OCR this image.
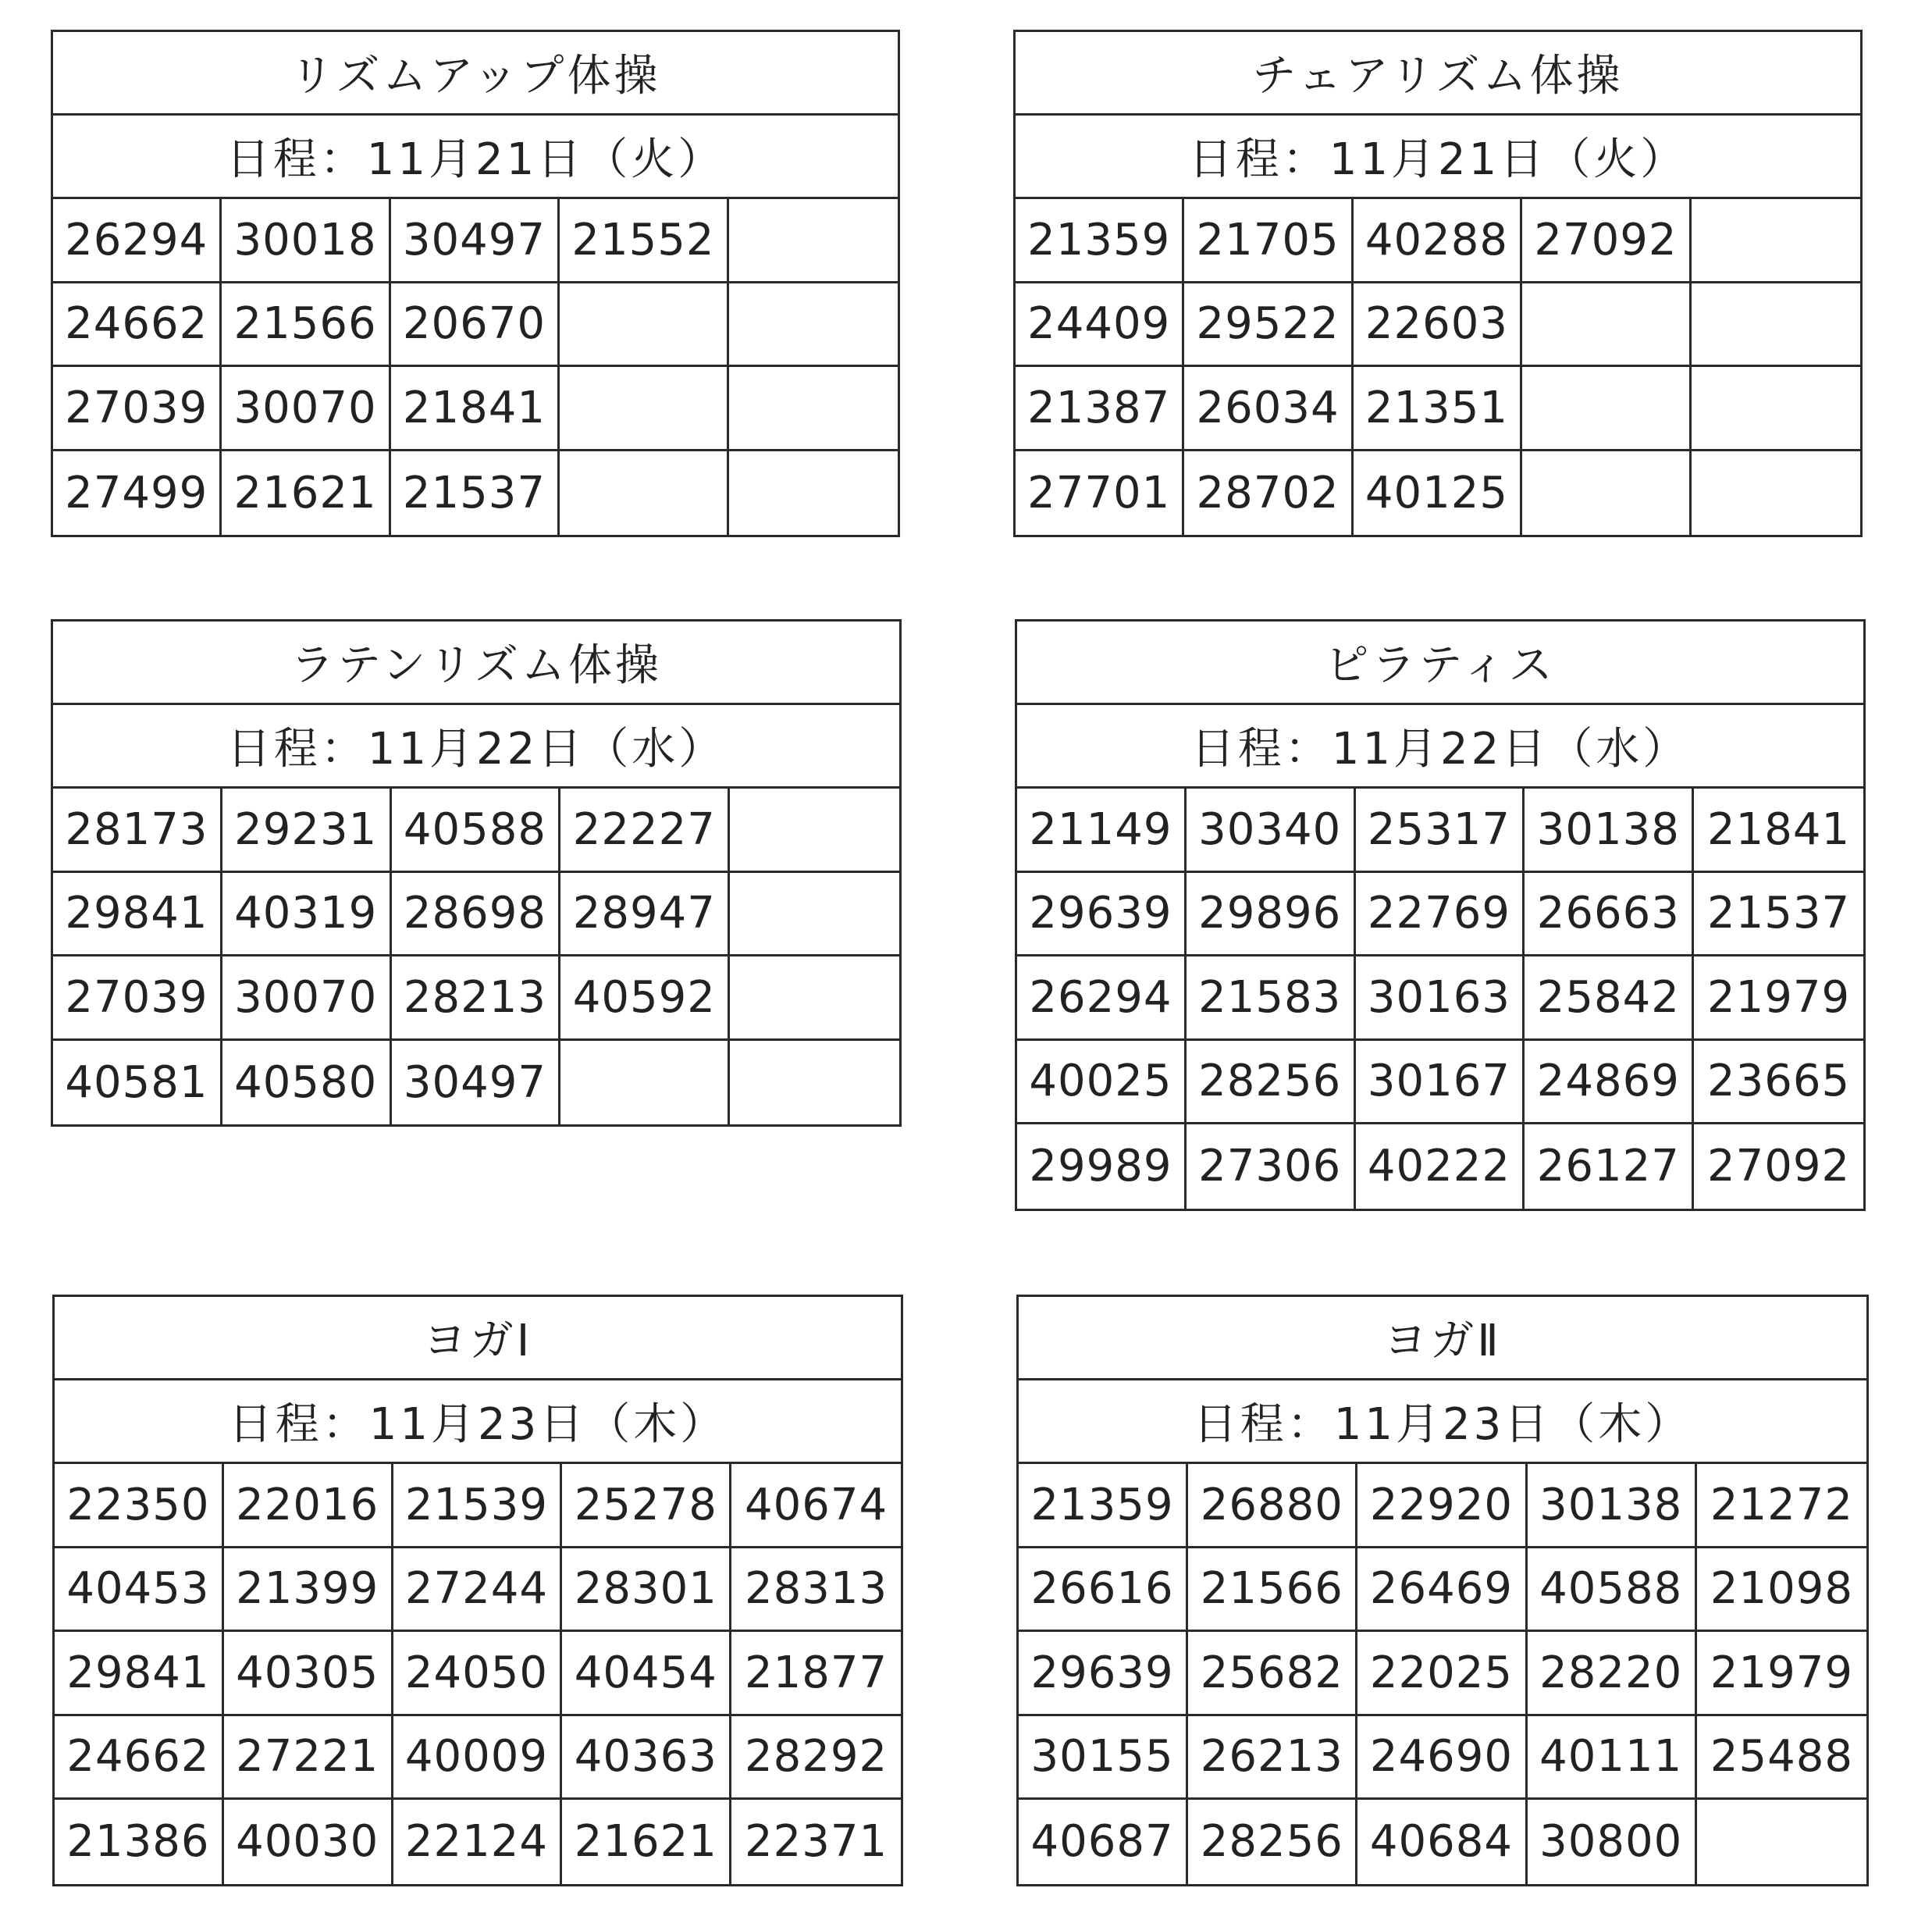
リズムアップ体操
日程：11月21日（火）
26294 30018 30497 21552
24662 21566 20670
27039 30070 21841
27499 21621 21537
チェアリズム体操
日程：11月21日（火）
21359 21705 40288 27092
24409 29522 22603
21387 26034 21351
27701 28702 40125
ラテンリズム体操
日程：11月22日（水）
28173 29231 40588 22227
29841 40319 28698 28947
27039 30070 28213 40592
40581 40580 30497
ピラティス
日程：11月22日（水）
21149 30340 25317 30138 21841
29639 29896 22769 26663 21537
26294 21583 30163 25842 21979
40025 28256 30167 24869 23665
29989 27306 40222 26127 27092
ヨガⅠ
日程：11月23日（木）
22350 22016 21539 25278 40674
40453 21399 27244 28301 28313
29841 40305 24050 40454 21877
24662 27221 40009 40363 28292
21386 40030 22124 21621 22371
ヨガⅡ
日程：11月23日（木）
21359 26880 22920 30138 21272
26616 21566 26469 40588 21098
29639 25682 22025 28220 21979
30155 26213 24690 40111 25488
40687 28256 40684 30800
